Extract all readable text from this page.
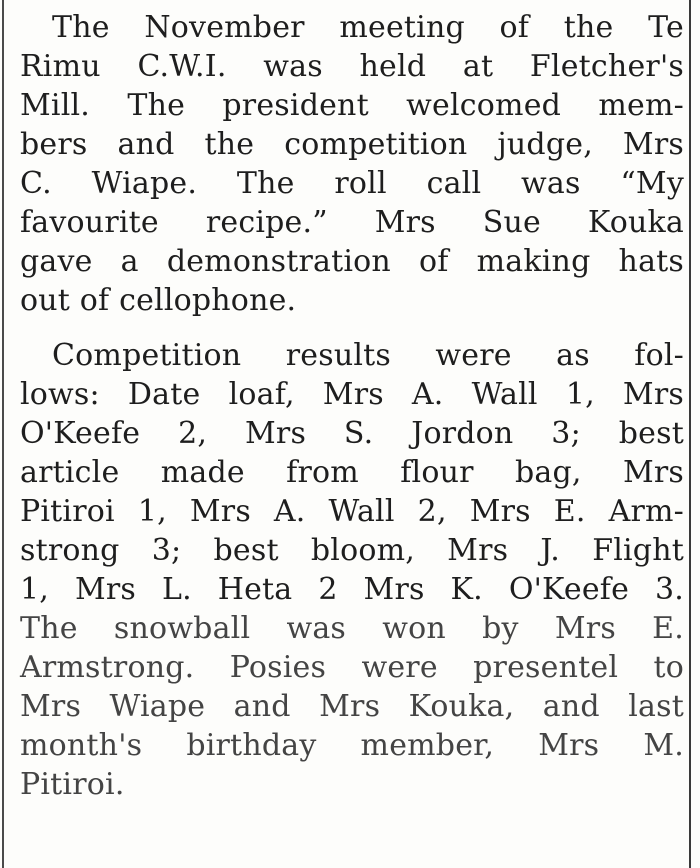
The November meeting of the Te
Rimu C.W.I. was held at Fletcher's
Mill. The president welcomed mem-
bers and the competition judge, Mrs
C. Wiape. The roll call was “My
favourite recipe.” Mrs Sue Kouka
gave a demonstration of making hats
out of cellophone.
Competition results were as fol-
lows: Date loaf, Mrs A. Wall 1, Mrs
O'Keefe 2, Mrs S. Jordon 3; best
article made from flour bag, Mrs
Pitiroi 1, Mrs A. Wall 2, Mrs E. Arm-
strong 3; best bloom, Mrs J. Flight
1, Mrs L. Heta 2 Mrs K. O'Keefe 3.
The snowball was won by Mrs E.
Armstrong. Posies were presentel to
Mrs Wiape and Mrs Kouka, and last
month's birthday member, Mrs M.
Pitiroi.
